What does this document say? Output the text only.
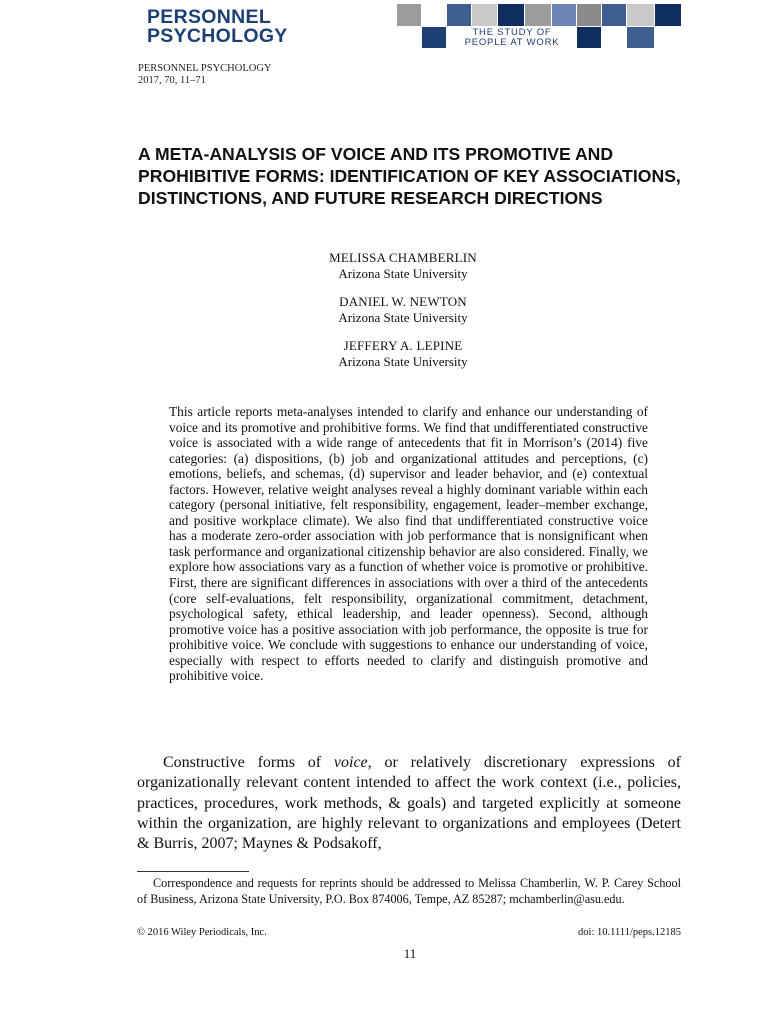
PERSONNEL
PSYCHOLOGY	THE STUDY OF
PEOPLE AT WORK
PERSONNEL PSYCHOLOGY
2017, 70, 11–71
A META-ANALYSIS OF VOICE AND ITS PROMOTIVE AND PROHIBITIVE FORMS: IDENTIFICATION OF KEY ASSOCIATIONS, DISTINCTIONS, AND FUTURE RESEARCH DIRECTIONS
MELISSA CHAMBERLIN
Arizona State University
DANIEL W. NEWTON
Arizona State University
JEFFERY A. LEPINE
Arizona State University

This article reports meta-analyses intended to clarify and enhance our understanding of voice and its promotive and prohibitive forms. We find that undifferentiated constructive voice is associated with a wide range of antecedents that fit in Morrison’s (2014) five categories: (a) dispositions, (b) job and organizational attitudes and perceptions, (c) emotions, beliefs, and schemas, (d) supervisor and leader behavior, and (e) contextual factors. However, relative weight analyses reveal a highly dominant variable within each category (personal initiative, felt responsibility, engagement, leader–member exchange, and positive workplace climate). We also find that undifferentiated constructive voice has a moderate zero-order association with job performance that is nonsignificant when task performance and organizational citizenship behavior are also considered. Finally, we explore how associations vary as a function of whether voice is promotive or prohibitive. First, there are significant differences in associations with over a third of the antecedents (core self-evaluations, felt responsibility, organizational commitment, detachment, psychological safety, ethical leadership, and leader openness). Second, although promotive voice has a positive association with job performance, the opposite is true for prohibitive voice. We conclude with suggestions to enhance our understanding of voice, especially with respect to efforts needed to clarify and distinguish promotive and prohibitive voice.

Constructive forms of voice, or relatively discretionary expressions of organizationally relevant content intended to affect the work context (i.e., policies, practices, procedures, work methods, & goals) and targeted explicitly at someone within the organization, are highly relevant to organizations and employees (Detert & Burris, 2007; Maynes & Podsakoff,

Correspondence and requests for reprints should be addressed to Melissa Chamberlin, W. P. Carey School of Business, Arizona State University, P.O. Box 874006, Tempe, AZ 85287; mchamberlin@asu.edu.

© 2016 Wiley Periodicals, Inc.	doi: 10.1111/peps.12185
11
